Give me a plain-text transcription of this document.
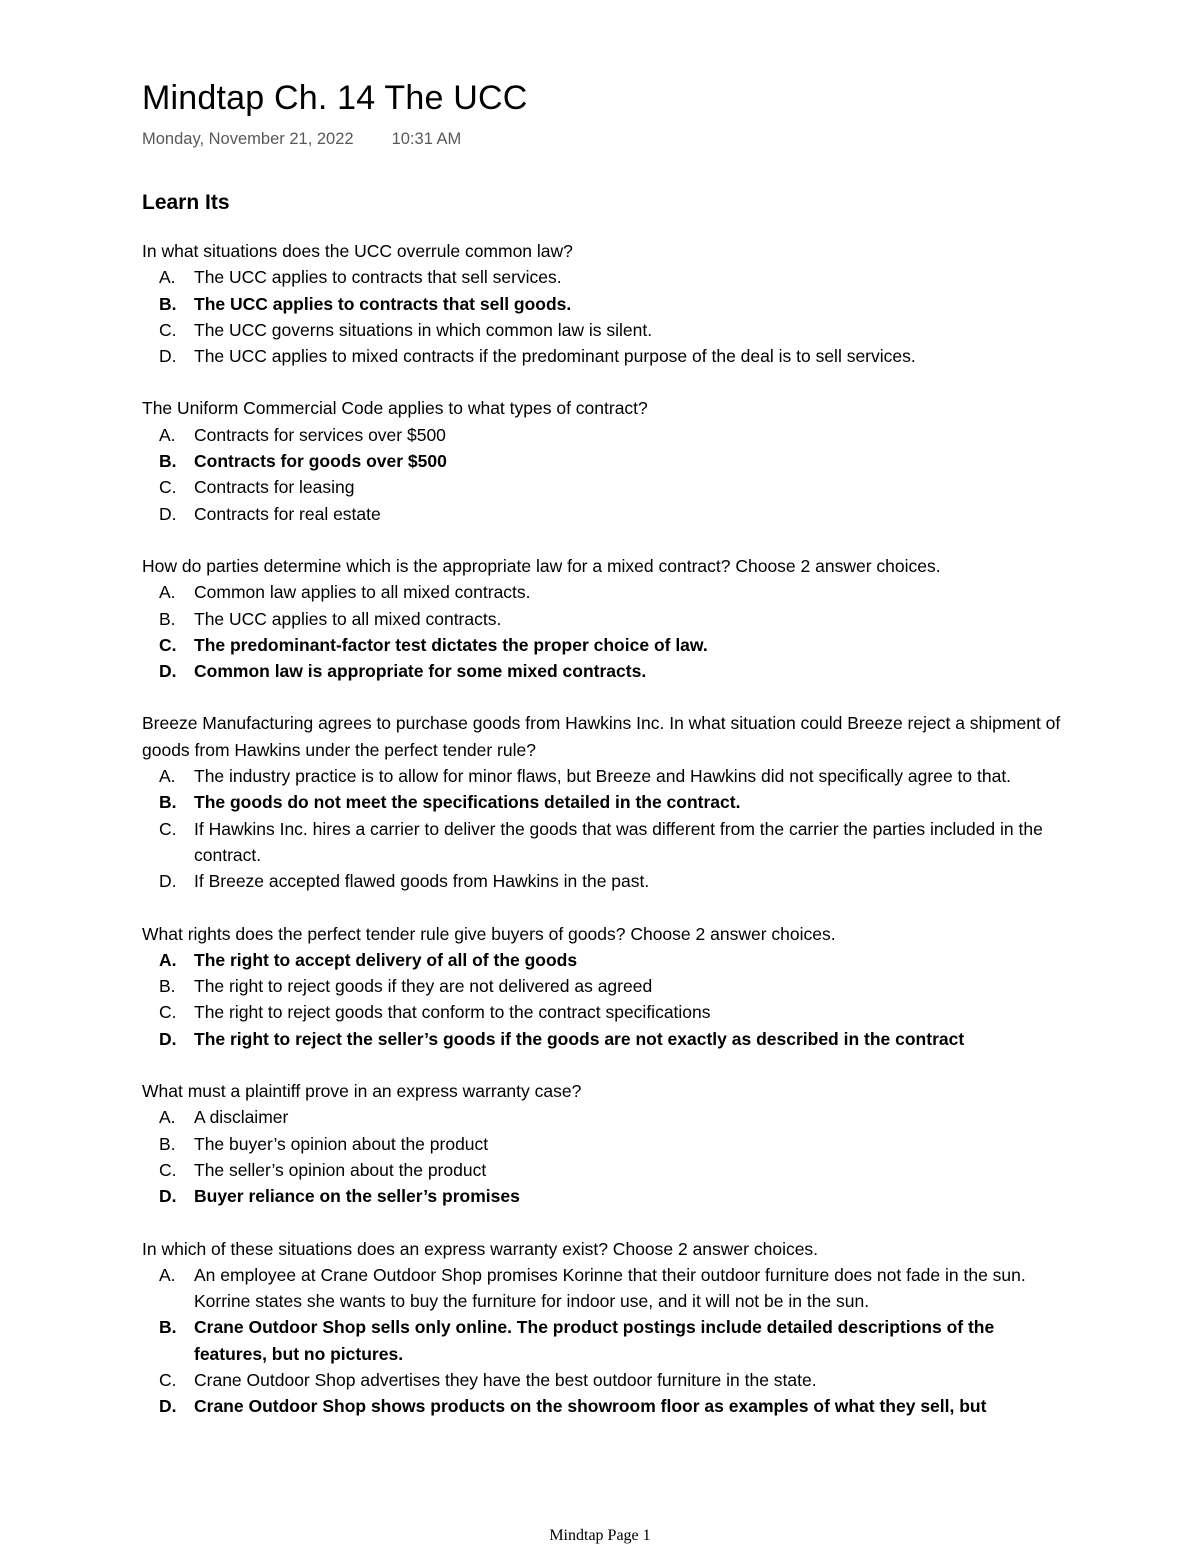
Mindtap Ch. 14 The UCC
Monday, November 21, 2022 10:31 AM
Learn Its

In what situations does the UCC overrule common law?

A.	The UCC applies to contracts that sell services.
B.	The UCC applies to contracts that sell goods.
C.	The UCC governs situations in which common law is silent.
D.	The UCC applies to mixed contracts if the predominant purpose of the deal is to sell services.

The Uniform Commercial Code applies to what types of contract?

A.	Contracts for services over $500
B.	Contracts for goods over $500
C.	Contracts for leasing
D.	Contracts for real estate

How do parties determine which is the appropriate law for a mixed contract? Choose 2 answer choices.

A.	Common law applies to all mixed contracts.
B.	The UCC applies to all mixed contracts.
C.	The predominant-factor test dictates the proper choice of law.
D.	Common law is appropriate for some mixed contracts.

Breeze Manufacturing agrees to purchase goods from Hawkins Inc. In what situation could Breeze reject a shipment of goods from Hawkins under the perfect tender rule?

A.	The industry practice is to allow for minor flaws, but Breeze and Hawkins did not specifically agree to that.
B.	The goods do not meet the specifications detailed in the contract.
C.	If Hawkins Inc. hires a carrier to deliver the goods that was different from the carrier the parties included in the contract.
D.	If Breeze accepted flawed goods from Hawkins in the past.

What rights does the perfect tender rule give buyers of goods? Choose 2 answer choices.

A.	The right to accept delivery of all of the goods
B.	The right to reject goods if they are not delivered as agreed
C.	The right to reject goods that conform to the contract specifications
D.	The right to reject the seller’s goods if the goods are not exactly as described in the contract

What must a plaintiff prove in an express warranty case?

A.	A disclaimer
B.	The buyer’s opinion about the product
C.	The seller’s opinion about the product
D.	Buyer reliance on the seller’s promises

In which of these situations does an express warranty exist? Choose 2 answer choices.

A.	An employee at Crane Outdoor Shop promises Korinne that their outdoor furniture does not fade in the sun. Korrine states she wants to buy the furniture for indoor use, and it will not be in the sun.
B.	Crane Outdoor Shop sells only online. The product postings include detailed descriptions of the features, but no pictures.
C.	Crane Outdoor Shop advertises they have the best outdoor furniture in the state.
D.	Crane Outdoor Shop shows products on the showroom floor as examples of what they sell, but
Mindtap Page 1
